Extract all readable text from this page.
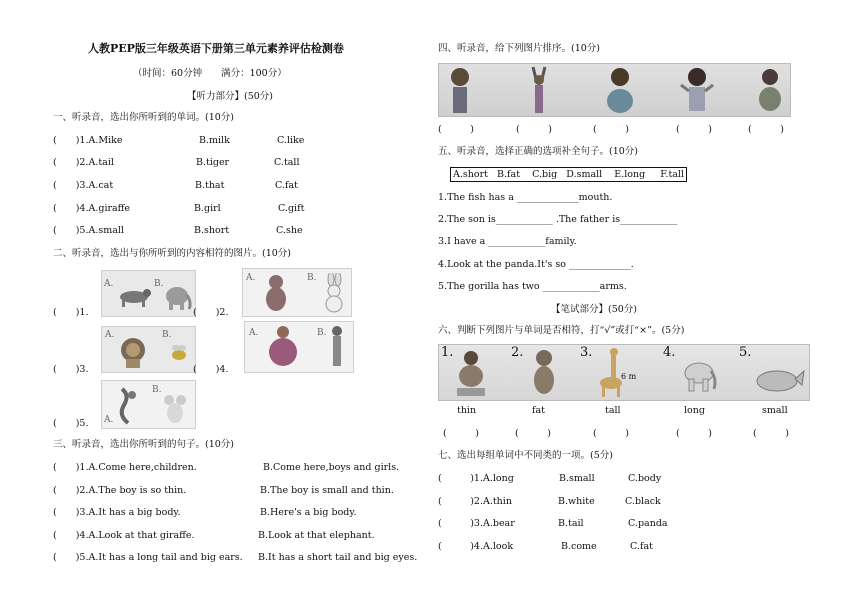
人教PEP版三年级英语下册第三单元素养评估检测卷
（时间：60分钟　　满分：100分）
【听力部分】(50分)
一、听录音，选出你所听到的单词。(10分)
(　　)1.A.Mike	B.milk	C.like
(　　)2.A.tail	B.tiger	C.tall
(　　)3.A.cat	B.that	C.fat
(　　)4.A.giraffe	B.girl	C.gift
(　　)5.A.small	B.short	C.she
二、听录音，选出与你所听到的内容相符的图片。(10分)
(　　)1.
A.	B.
(　　)2.
A.	B.
(　　)3.
A.	B.
(　　)4.
A.	B.
(　　)5. A.
B.
三、听录音，选出你所听到的句子。(10分)
(　　)1.A.Come here,children.	B.Come here,boys and girls.
(　　)2.A.The boy is so thin.	B.The boy is small and thin.
(　　)3.A.It has a big body.	B.Here's a big body.
(　　)4.A.Look at that giraffe.	B.Look at that elephant.
(　　)5.A.It has a long tail and big ears. B.It has a short tail and big eyes.
四、听录音，给下列图片排序。(10分)
(　　　)	(　　　)	(　　　)	(　　　)	(　　　)
五、听录音，选择正确的选项补全句子。(10分)
A.short   B.fat    C.big   D.small    E.long     F.tall
1.The fish has a _____________mouth.
2.The son is____________ .The father is____________
3.I have a ____________family.
4.Look at the panda.It's so _____________.
5.The gorilla has two ____________arms.
【笔试部分】(50分)
六、判断下列图片与单词是否相符，打“√”或打“×”。(5分)
1.	2.	3.
6 m
4.	5.
thin	fat	tall	long	small
(　　　)	(　　　)	(　　　)	(　　　)	(　　　)
七、选出每组单词中不同类的一项。(5分)
(　　　)1.A.long	B.small	C.body
(　　　)2.A.thin	B.white	C.black
(　　　)3.A.bear	B.tail	C.panda
(　　　)4.A.look	B.come	C.fat
